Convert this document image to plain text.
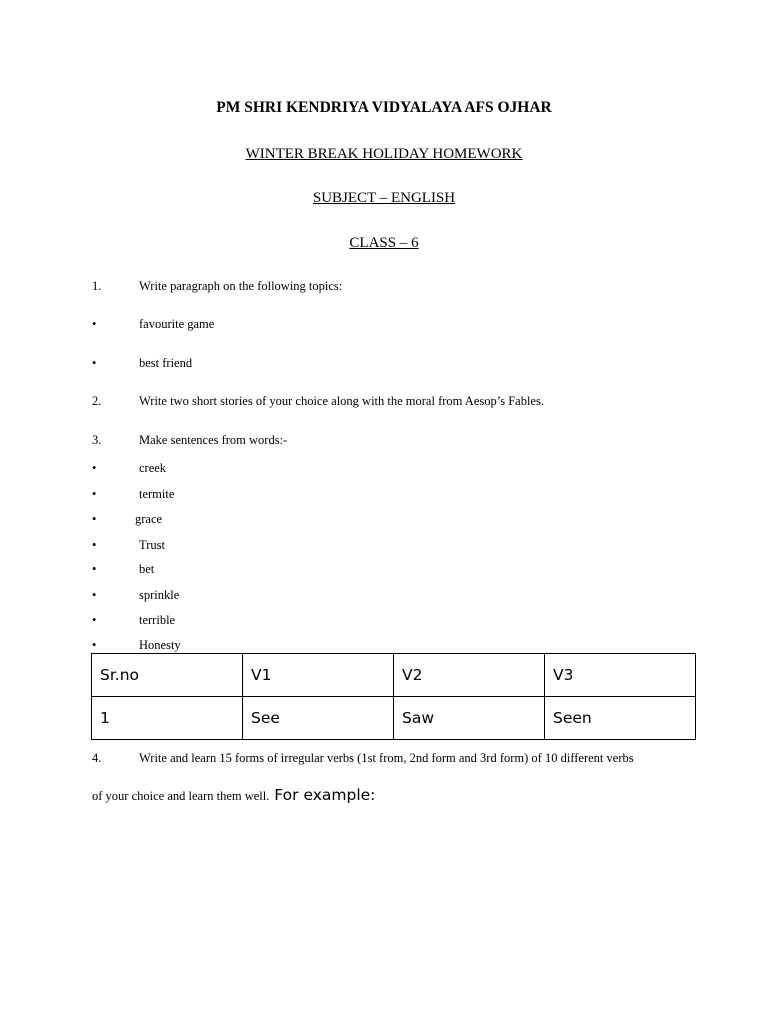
PM SHRI KENDRIYA VIDYALAYA AFS OJHAR
WINTER BREAK HOLIDAY HOMEWORK
SUBJECT – ENGLISH
CLASS – 6
1.	Write paragraph on the following topics:
•	favourite game
•	best friend
2.	Write two short stories of your choice along with the moral from Aesop’s Fables.
3.	Make sentences from words:-
•	creek
•	termite
•	grace
•	Trust
•	bet
•	sprinkle
•	terrible
•	Honesty
Sr.no	V1	V2	V3
1	See	Saw	Seen
4.	Write and learn 15 forms of irregular verbs (1st from, 2nd form and 3rd form) of 10 different verbs
of your choice and learn them well. For example:
